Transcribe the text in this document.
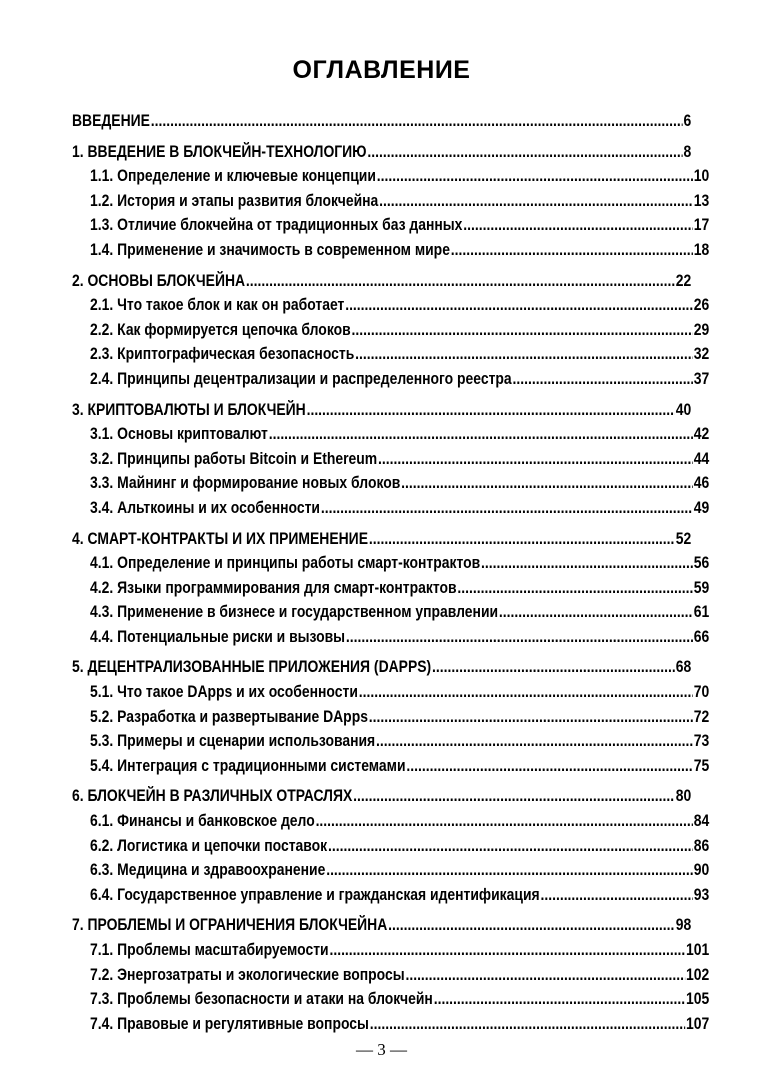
ОГЛАВЛЕНИЕ
ВВЕДЕНИЕ .....	6
1. ВВЕДЕНИЕ В БЛОКЧЕЙН-ТЕХНОЛОГИЮ .....	8
1.1. Определение и ключевые концепции .....	10
1.2. История и этапы развития блокчейна .....	13
1.3. Отличие блокчейна от традиционных баз данных .....	17
1.4. Применение и значимость в современном мире .....	18
2. ОСНОВЫ БЛОКЧЕЙНА .....	22
2.1. Что такое блок и как он работает .....	26
2.2. Как формируется цепочка блоков .....	29
2.3. Криптографическая безопасность .....	32
2.4. Принципы децентрализации и распределенного реестра .....	37
3. КРИПТОВАЛЮТЫ И БЛОКЧЕЙН .....	40
3.1. Основы криптовалют .....	42
3.2. Принципы работы Bitcoin и Ethereum .....	44
3.3. Майнинг и формирование новых блоков .....	46
3.4. Альткоины и их особенности .....	49
4. СМАРТ-КОНТРАКТЫ И ИХ ПРИМЕНЕНИЕ .....	52
4.1. Определение и принципы работы смарт-контрактов .....	56
4.2. Языки программирования для смарт-контрактов .....	59
4.3. Применение в бизнесе и государственном управлении .....	61
4.4. Потенциальные риски и вызовы .....	66
5. ДЕЦЕНТРАЛИЗОВАННЫЕ ПРИЛОЖЕНИЯ (DAPPS) .....	68
5.1. Что такое DApps и их особенности .....	70
5.2. Разработка и развертывание DApps .....	72
5.3. Примеры и сценарии использования .....	73
5.4. Интеграция с традиционными системами .....	75
6. БЛОКЧЕЙН В РАЗЛИЧНЫХ ОТРАСЛЯХ .....	80
6.1. Финансы и банковское дело .....	84
6.2. Логистика и цепочки поставок .....	86
6.3. Медицина и здравоохранение .....	90
6.4. Государственное управление и гражданская идентификация .....	93
7. ПРОБЛЕМЫ И ОГРАНИЧЕНИЯ БЛОКЧЕЙНА .....	98
7.1. Проблемы масштабируемости .....	101
7.2. Энергозатраты и экологические вопросы .....	102
7.3. Проблемы безопасности и атаки на блокчейн .....	105
7.4. Правовые и регулятивные вопросы .....	107
— 3 —
